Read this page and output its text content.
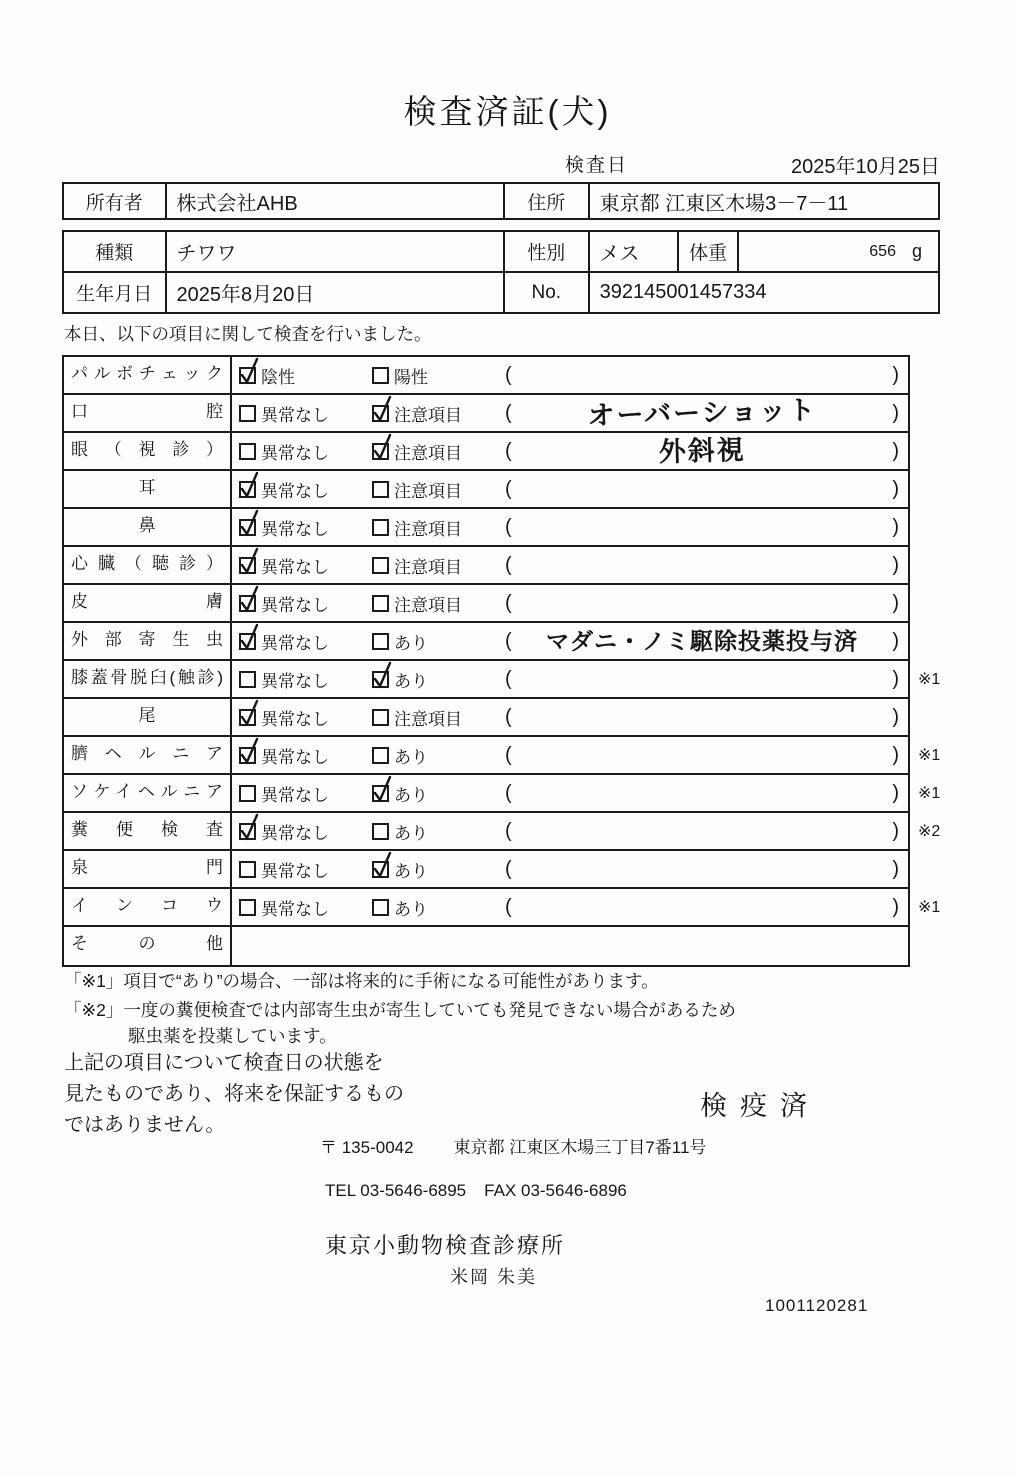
検査済証(犬)
検査日	2025年10月25日
所有者	株式会社AHB	住所	東京都 江東区木場3－7－11
種類	チワワ	性別	メス	体重	656 g
生年月日	2025年8月20日	No.	392145001457334
本日、以下の項目に関して検査を行いました。
パルボチェック	陰性	陽性	(	)
口腔	異常なし	注意項目 (	オーバーショット	)
眼（視診）	異常なし	注意項目 (	外斜視	)
耳	異常なし	注意項目 (	)
鼻	異常なし	注意項目 (	)
心臓（聴診）	異常なし	注意項目 (	)
皮膚	異常なし	注意項目 (	)
外部寄生虫	異常なし	あり	(	マダニ・ノミ駆除投薬投与済	)
膝蓋骨脱臼(触診)	異常なし	あり	(	) ※1
尾	異常なし	注意項目 (	)
臍ヘルニア	異常なし	あり	(	) ※1
ソケイヘルニア	異常なし	あり	(	) ※1
糞便検査	異常なし	あり	(	) ※2
泉門	異常なし	あり	(	)
インコウ	異常なし	あり	(	) ※1
その他
「※1」項目で“あり”の場合、一部は将来的に手術になる可能性があります。
「※2」一度の糞便検査では内部寄生虫が寄生していても発見できない場合があるため
駆虫薬を投薬しています。
上記の項目について検査日の状態を
見たものであり、将来を保証するもの
ではありません。
検疫済
〒 135-0042 東京都 江東区木場三丁目7番11号
TEL 03-5646-6895 FAX 03-5646-6896
東京小動物検査診療所
米岡 朱美
1001120281
